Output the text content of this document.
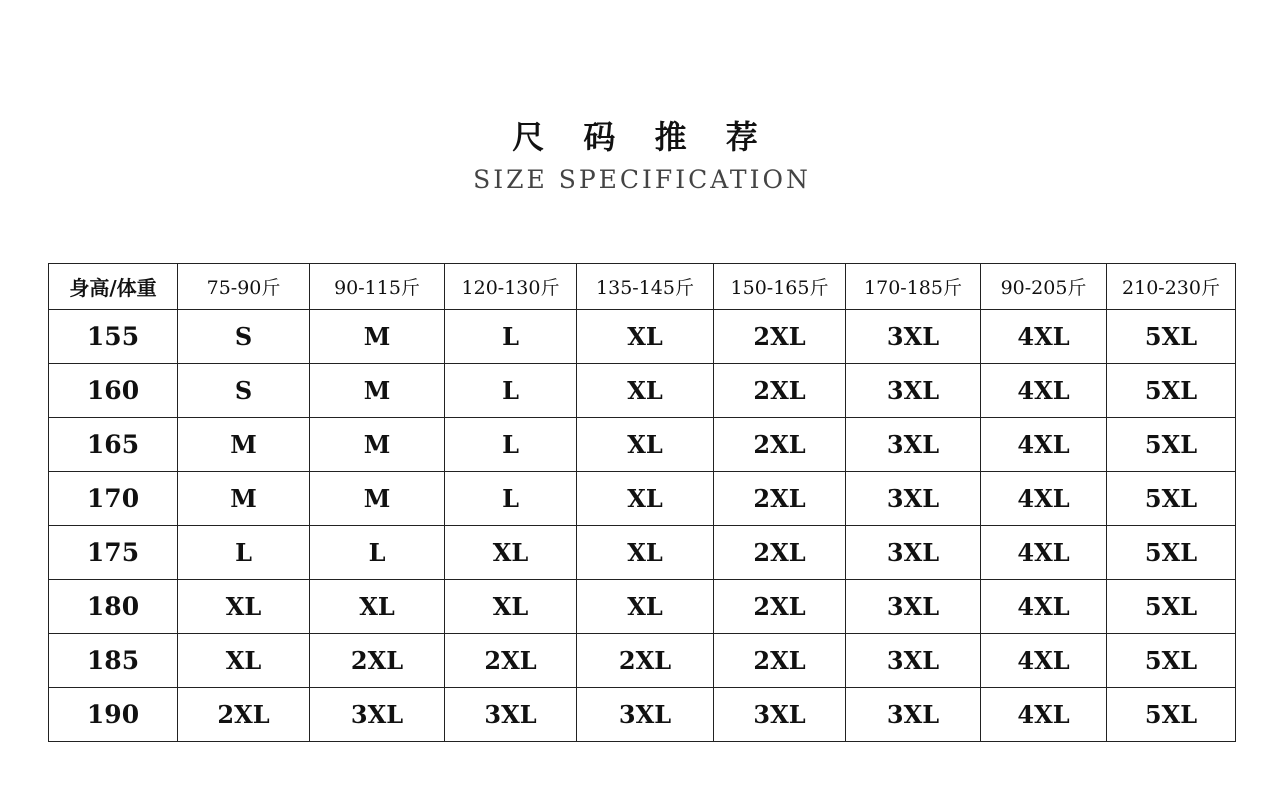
尺 码 推 荐
SIZE SPECIFICATION
身高/体重	75-90斤	90-115斤	120-130斤	135-145斤	150-165斤	170-185斤	90-205斤	210-230斤
155	S	M	L	XL	2XL	3XL	4XL	5XL
160	S	M	L	XL	2XL	3XL	4XL	5XL
165	M	M	L	XL	2XL	3XL	4XL	5XL
170	M	M	L	XL	2XL	3XL	4XL	5XL
175	L	L	XL	XL	2XL	3XL	4XL	5XL
180	XL	XL	XL	XL	2XL	3XL	4XL	5XL
185	XL	2XL	2XL	2XL	2XL	3XL	4XL	5XL
190	2XL	3XL	3XL	3XL	3XL	3XL	4XL	5XL
